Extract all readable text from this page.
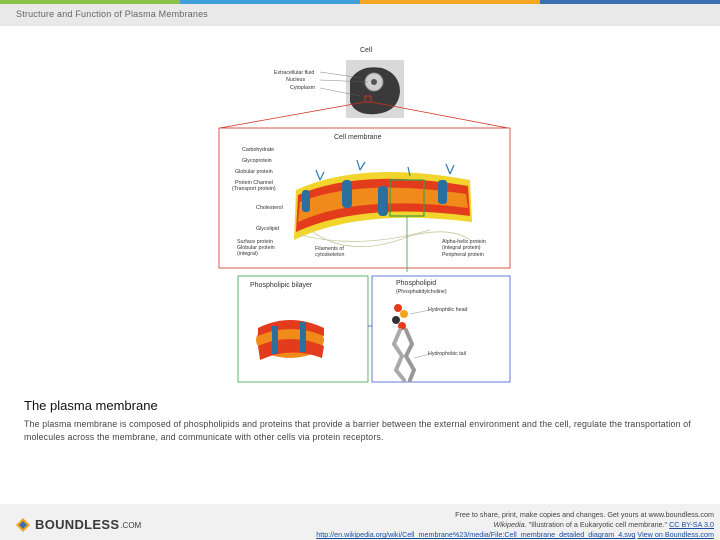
Structure and Function of Plasma Membranes
Cell
Extracellular fluid
Nucleus
Cytoplasm
Cell membrane
Carbohydrate
Glycoprotein
Globular protein
Protein Channel
(Transport protein)
Cholesterol
Glycolipid
Surface protein
Globular protein
(integral)
Filaments of
cytoskeleton
Alpha-helix protein
(integral protein)
Peripheral protein
Phospholipic bilayer	Phospholipid
(Phosphatidylcholine)
Hydrophilic head
Hydrophobic tail
The plasma membrane
The plasma membrane is composed of phospholipids and proteins that provide a barrier between the external environment and the cell, regulate the transportation of molecules across the membrane, and communicate with other cells via protein receptors.
BOUNDLESS .COM
Free to share, print, make copies and changes. Get yours at www.boundless.com
Wikipedia. "Illustration of a Eukaryotic cell membrane." CC BY-SA 3.0
http://en.wikipedia.org/wiki/Cell_membrane%23/media/File:Cell_membrane_detailed_diagram_4.svg View on Boundless.com
